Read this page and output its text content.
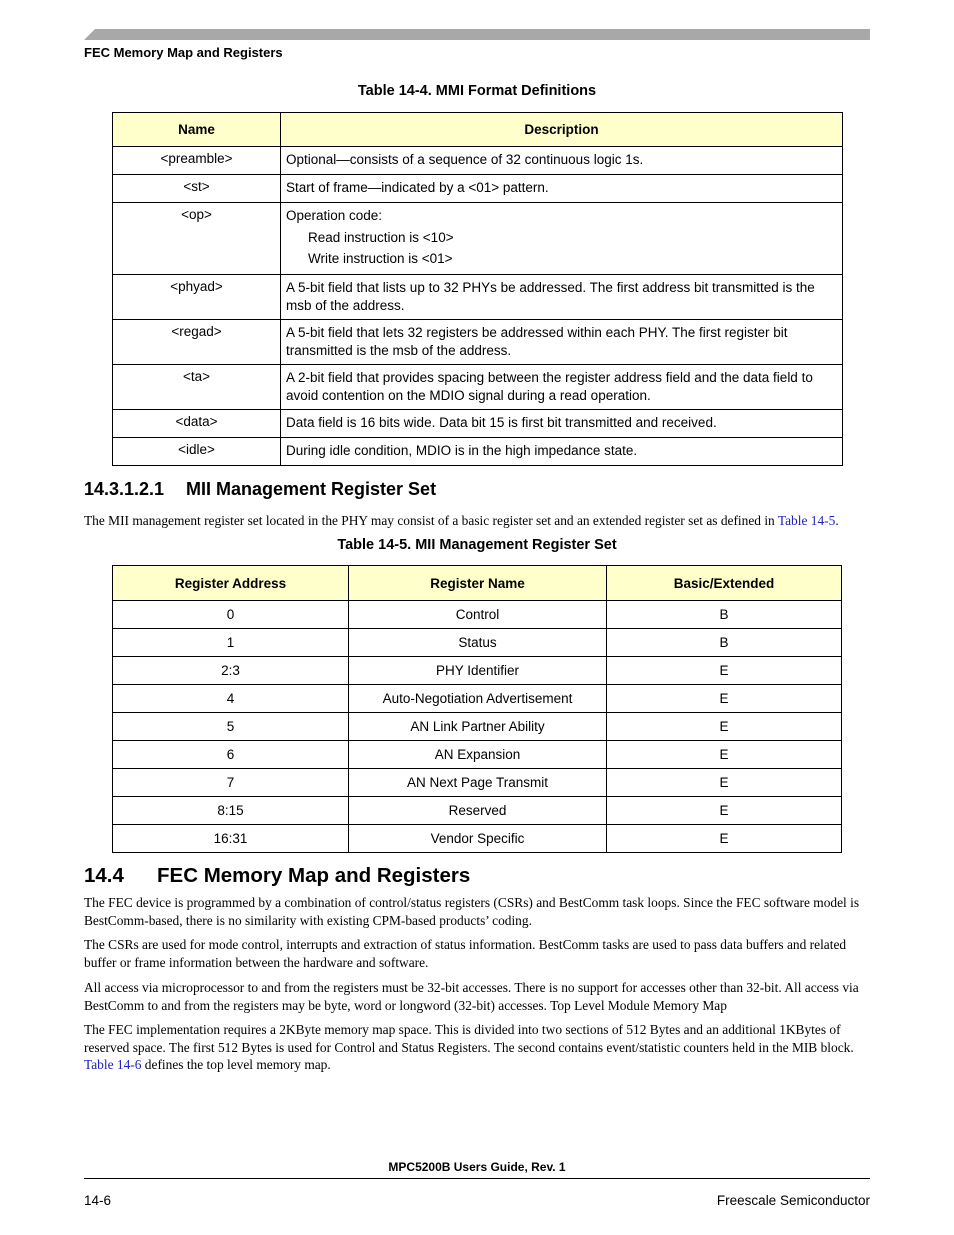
FEC Memory Map and Registers
Table 14-4. MMI Format Definitions
Name	Description
<preamble>	Optional—consists of a sequence of 32 continuous logic 1s.
<st>	Start of frame—indicated by a <01> pattern.
<op>	Operation code:
Read instruction is <10>
Write instruction is <01>

<phyad>	A 5-bit field that lists up to 32 PHYs be addressed. The first address bit transmitted is the msb of the address.
<regad>	A 5-bit field that lets 32 registers be addressed within each PHY. The first register bit transmitted is the msb of the address.
<ta>	A 2-bit field that provides spacing between the register address field and the data field to avoid contention on the MDIO signal during a read operation.
<data>	Data field is 16 bits wide. Data bit 15 is first bit transmitted and received.
<idle>	During idle condition, MDIO is in the high impedance state.
14.3.1.2.1 MII Management Register Set

The MII management register set located in the PHY may consist of a basic register set and an extended register set as defined in Table 14-5.

Table 14-5. MII Management Register Set
Register Address	Register Name	Basic/Extended
0	Control	B
1	Status	B
2:3	PHY Identifier	E
4	Auto-Negotiation Advertisement	E
5	AN Link Partner Ability	E
6	AN Expansion	E
7	AN Next Page Transmit	E
8:15	Reserved	E
16:31	Vendor Specific	E
14.4 FEC Memory Map and Registers

The FEC device is programmed by a combination of control/status registers (CSRs) and BestComm task loops. Since the FEC software model is BestComm-based, there is no similarity with existing CPM-based products’ coding.

The CSRs are used for mode control, interrupts and extraction of status information. BestComm tasks are used to pass data buffers and related buffer or frame information between the hardware and software.

All access via microprocessor to and from the registers must be 32-bit accesses. There is no support for accesses other than 32-bit. All access via BestComm to and from the registers may be byte, word or longword (32-bit) accesses. Top Level Module Memory Map

The FEC implementation requires a 2KByte memory map space. This is divided into two sections of 512 Bytes and an additional 1KBytes of reserved space. The first 512 Bytes is used for Control and Status Registers. The second contains event/statistic counters held in the MIB block. Table 14-6 defines the top level memory map.

MPC5200B Users Guide, Rev. 1
14-6	Freescale Semiconductor
